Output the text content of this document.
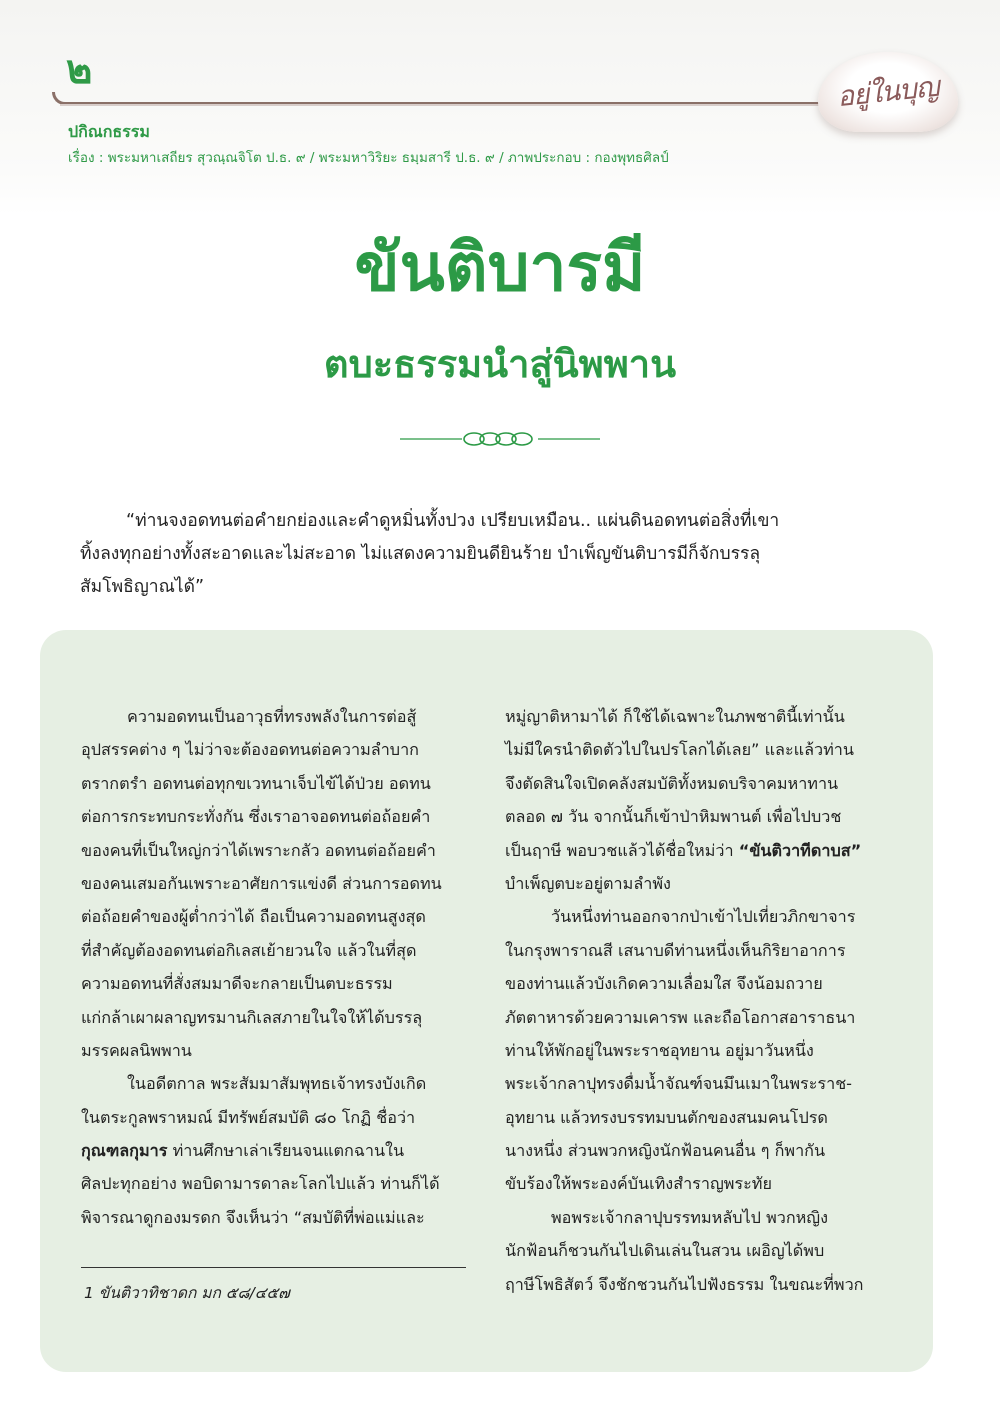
๒	อยู่ในบุญ
ปกิณกธรรม
เรื่อง : พระมหาเสถียร สุวณฺณจิโต ป.ธ. ๙ / พระมหาวิริยะ ธมฺมสารี ป.ธ. ๙ / ภาพประกอบ : กองพุทธศิลป์
ขันติบารมี
ตบะธรรมนำสู่นิพพาน
“ท่านจงอดทนต่อคำยกย่องและคำดูหมิ่นทั้งปวง เปรียบเหมือน.. แผ่นดินอดทนต่อสิ่งที่เขา
ทิ้งลงทุกอย่างทั้งสะอาดและไม่สะอาด ไม่แสดงความยินดียินร้าย บำเพ็ญขันติบารมีก็จักบรรลุ
สัมโพธิญาณได้”
ความอดทนเป็นอาวุธที่ทรงพลังในการต่อสู้
อุปสรรคต่าง ๆ ไม่ว่าจะต้องอดทนต่อความลำบาก
ตรากตรำ อดทนต่อทุกขเวทนาเจ็บไข้ได้ป่วย อดทน
ต่อการกระทบกระทั่งกัน ซึ่งเราอาจอดทนต่อถ้อยคำ
ของคนที่เป็นใหญ่กว่าได้เพราะกลัว อดทนต่อถ้อยคำ
ของคนเสมอกันเพราะอาศัยการแข่งดี ส่วนการอดทน
ต่อถ้อยคำของผู้ต่ำกว่าได้ ถือเป็นความอดทนสูงสุด
ที่สำคัญต้องอดทนต่อกิเลสเย้ายวนใจ แล้วในที่สุด
ความอดทนที่สั่งสมมาดีจะกลายเป็นตบะธรรม
แก่กล้าเผาผลาญทรมานกิเลสภายในใจให้ได้บรรลุ
มรรคผลนิพพาน
ในอดีตกาล พระสัมมาสัมพุทธเจ้าทรงบังเกิด
ในตระกูลพราหมณ์ มีทรัพย์สมบัติ ๘๐ โกฏิ ชื่อว่า
กุณฑลกุมาร ท่านศึกษาเล่าเรียนจนแตกฉานใน
ศิลปะทุกอย่าง พอบิดามารดาละโลกไปแล้ว ท่านก็ได้
พิจารณาดูกองมรดก จึงเห็นว่า “สมบัติที่พ่อแม่และ
หมู่ญาติหามาได้ ก็ใช้ได้เฉพาะในภพชาตินี้เท่านั้น
ไม่มีใครนำติดตัวไปในปรโลกได้เลย” และแล้วท่าน
จึงตัดสินใจเปิดคลังสมบัติทั้งหมดบริจาคมหาทาน
ตลอด ๗ วัน จากนั้นก็เข้าป่าหิมพานต์ เพื่อไปบวช
เป็นฤาษี พอบวชแล้วได้ชื่อใหม่ว่า “ขันติวาทีดาบส”
บำเพ็ญตบะอยู่ตามลำพัง
วันหนึ่งท่านออกจากป่าเข้าไปเที่ยวภิกขาจาร
ในกรุงพาราณสี เสนาบดีท่านหนึ่งเห็นกิริยาอาการ
ของท่านแล้วบังเกิดความเลื่อมใส จึงน้อมถวาย
ภัตตาหารด้วยความเคารพ และถือโอกาสอาราธนา
ท่านให้พักอยู่ในพระราชอุทยาน อยู่มาวันหนึ่ง
พระเจ้ากลาปุทรงดื่มน้ำจัณฑ์จนมึนเมาในพระราช-
อุทยาน แล้วทรงบรรทมบนตักของสนมคนโปรด
นางหนึ่ง ส่วนพวกหญิงนักฟ้อนคนอื่น ๆ ก็พากัน
ขับร้องให้พระองค์บันเทิงสำราญพระทัย
พอพระเจ้ากลาปุบรรทมหลับไป พวกหญิง
นักฟ้อนก็ชวนกันไปเดินเล่นในสวน เผอิญได้พบ
ฤาษีโพธิสัตว์ จึงชักชวนกันไปฟังธรรม ในขณะที่พวก
1 ขันติวาทิชาดก มก ๕๘/๔๕๗
